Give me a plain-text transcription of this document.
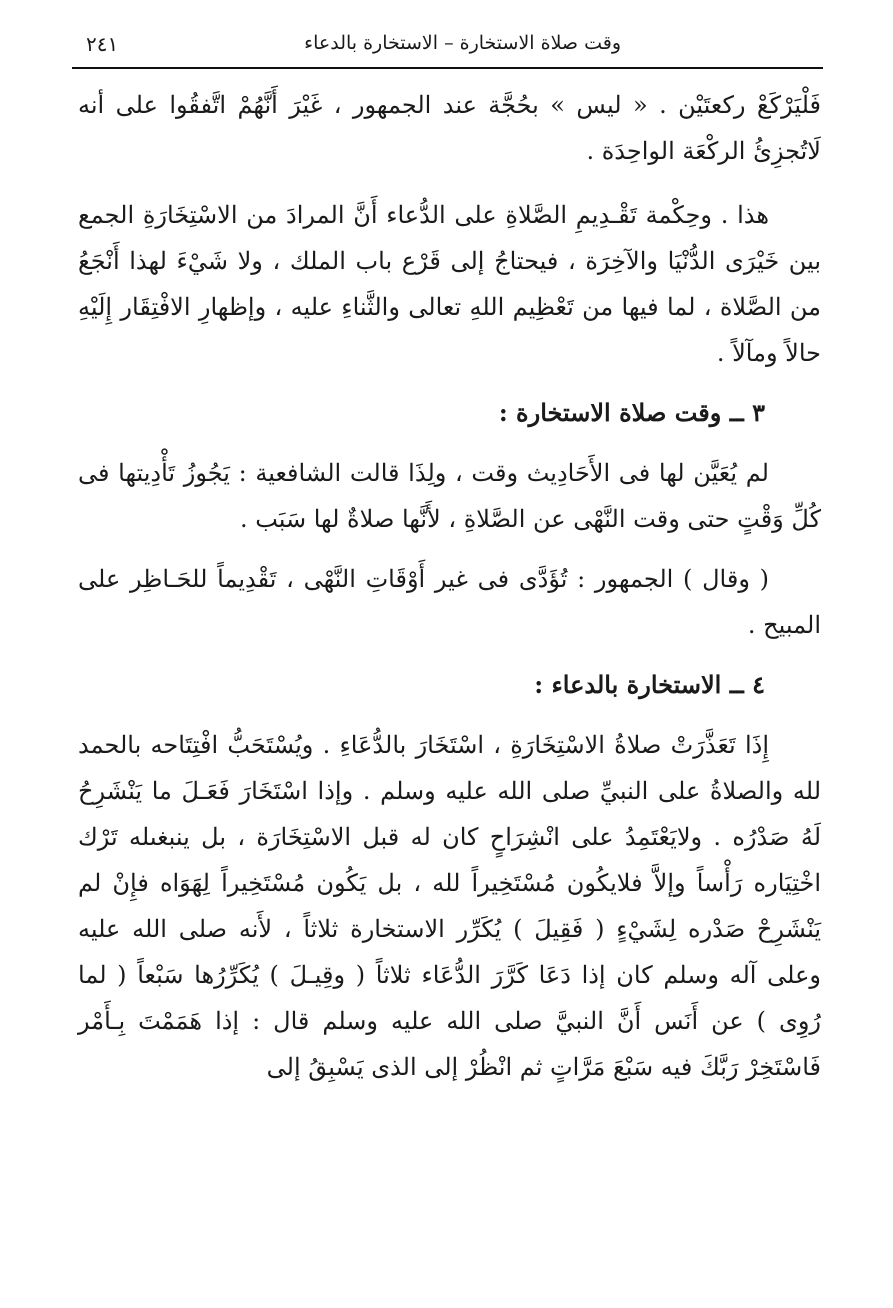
وقت صلاة الاستخارة – الاستخارة بالدعاء
٢٤١

فَلْيَرْكَعْ ركعتَيْن . « ليس » بحُجَّة عند الجمهور ، غَيْرَ أَنَّهُمْ اتَّفقُوا على أنه لَاتُجزِئُ الركْعَة الواحِدَة .

هذا . وحِكْمة تَقْـدِيمِ الصَّلاةِ على الدُّعاء أَنَّ المرادَ من الاسْتِخَارَةِ الجمع بين خَيْرَى الدُّنْيَا والآخِرَة ، فيحتاجُ إلى قَرْع باب الملك ، ولا شَيْءَ لهذا أَنْجَعُ من الصَّلاة ، لما فيها من تَعْظِيم اللهِ تعالى والثَّناءِ عليه ، وإظهارِ الافْتِقَار إِلَيْهِ حالاً ومآلاً .

٣ ــ وقت صلاة الاستخارة :

لم يُعَيَّن لها فى الأَحَادِيث وقت ، ولِذَا قالت الشافعية : يَجُوزُ تَأْدِيتها فى كُلِّ وَقْتٍ حتى وقت النَّهْى عن الصَّلاةِ ، لأَنَّها صلاةٌ لها سَبَب .

( وقال ) الجمهور : تُؤَدَّى فى غير أَوْقَاتِ النَّهْى ، تَقْدِيماً للحَـاظِر على المبيح .

٤ ــ الاستخارة بالدعاء :

إِذَا تَعَذَّرَتْ صلاةُ الاسْتِخَارَةِ ، اسْتَخَارَ بالدُّعَاءِ . ويُسْتَحَبُّ افْتِتَاحه بالحمد لله والصلاةُ على النبيِّ صلى الله عليه وسلم . وإذا اسْتَخَارَ فَعَـلَ ما يَنْشَرِحُ لَهُ صَدْرُه . ولايَعْتَمِدُ على انْشِرَاحٍ كان له قبل الاسْتِخَارَة ، بل ينبغىله تَرْك اخْتِيَاره رَأْساً وإلاَّ فلايكُون مُسْتَخِيراً لله ، بل يَكُون مُسْتَخِيراً لِهَوَاه فإِنْ لم يَنْشَرِحْ صَدْره لِشَيْءٍ ( فَقِيلَ ) يُكَرِّر الاستخارة ثلاثاً ، لأَنه صلى الله عليه وعلى آله وسلم كان إذا دَعَا كَرَّرَ الدُّعَاء ثلاثاً ( وقِيـلَ ) يُكَرِّرُها سَبْعاً ( لما رُوِى ) عن أَنَس أَنَّ النبيَّ صلى الله عليه وسلم قال : إذا هَمَمْتَ بِـأَمْر فَاسْتَخِرْ رَبَّكَ فيه سَبْعَ مَرَّاتٍ ثم انْظُرْ إلى الذى يَسْبِقُ إلى
